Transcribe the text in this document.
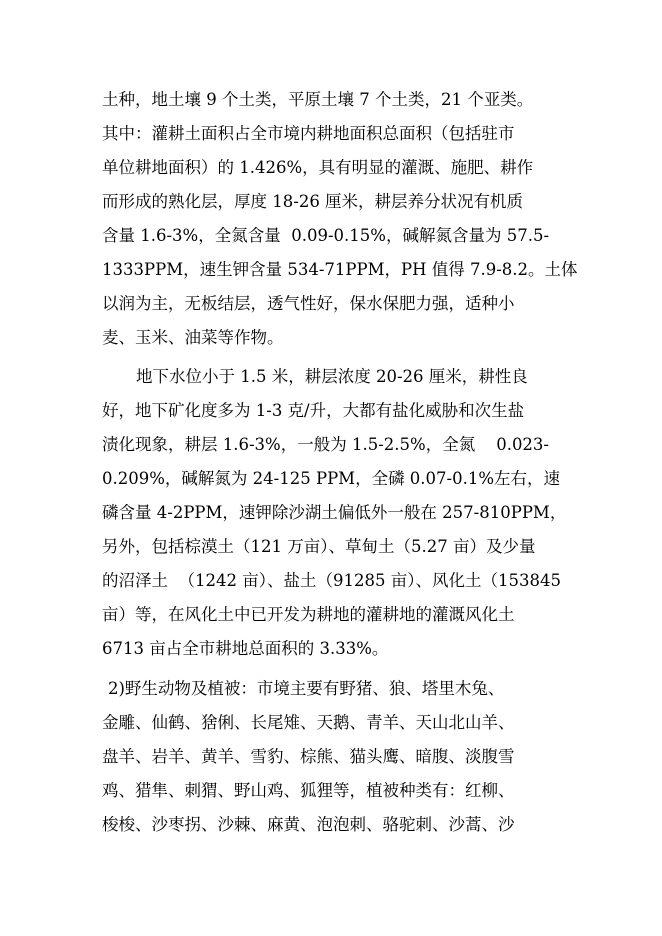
土种，地土壤 9 个土类，平原土壤 7 个土类，21 个亚类。
其中：灌耕土面积占全市境内耕地面积总面积（包括驻市
单位耕地面积）的 1.426%，具有明显的灌溉、施肥、耕作
而形成的熟化层，厚度 18-26 厘米，耕层养分状况有机质
含量 1.6-3%，全氮含量  0.09-0.15%，碱解氮含量为 57.5-
1333PPM，速生钾含量 534-71PPM，PH 值得 7.9-8.2。土体
以润为主，无板结层，透气性好，保水保肥力强，适种小
麦、玉米、油菜等作物。
地下水位小于 1.5 米，耕层浓度 20-26 厘米，耕性良
好，地下矿化度多为 1-3 克/升，大都有盐化威胁和次生盐
渍化现象，耕层 1.6-3%，一般为 1.5-2.5%，全氮    0.023-
0.209%，碱解氮为 24-125 PPM，全磷 0.07-0.1%左右，速
磷含量 4-2PPM，速钾除沙湖土偏低外一般在 257-810PPM，
另外，包括棕漠土（121 万亩）、草甸土（5.27 亩）及少量
的沼泽土  （1242 亩）、盐土（91285 亩）、风化土（153845
亩）等，在风化土中已开发为耕地的灌耕地的灌溉风化土
6713 亩占全市耕地总面积的 3.33%。
2)野生动物及植被：市境主要有野猪、狼、塔里木兔、
金雕、仙鹤、猞俐、长尾雉、天鹅、青羊、天山北山羊、
盘羊、岩羊、黄羊、雪豹、棕熊、猫头鹰、暗腹、淡腹雪
鸡、猎隼、刺猬、野山鸡、狐狸等，植被种类有：红柳、
梭梭、沙枣拐、沙棘、麻黄、泡泡刺、骆驼刺、沙蒿、沙
